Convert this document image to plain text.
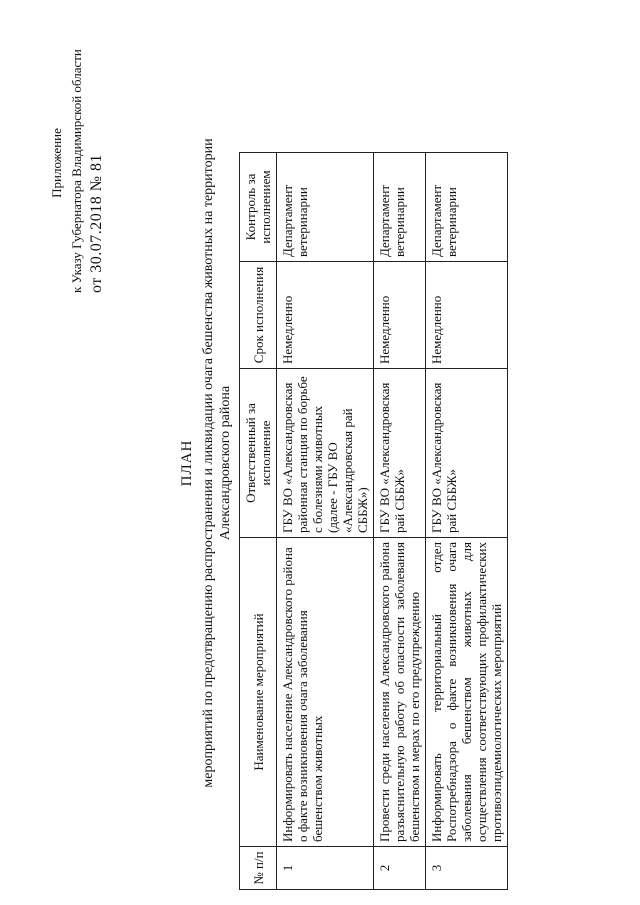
Приложение к Указу Губернатора Владимирской области от 30.07.2018 № 81
ПЛАН мероприятий по предотвращению распространения и ликвидации очага бешенства животных на территории Александровского района
№ п/п	Наименование мероприятий	Ответственный за исполнение	Срок исполнения	Контроль за исполнением
1	Информировать население Александровского района о факте возникновения очага заболевания бешенством животных	ГБУ ВО «Александровская районная станция по борьбе с болезнями животных (далее - ГБУ ВО «Александровская рай СББЖ»)	Немедленно	Департамент ветеринарии
2	Провести среди населения Александровского района разъяснительную работу об опасности заболевания бешенством и мерах по его предупреждению	ГБУ ВО «Александровская рай СББЖ»	Немедленно	Департамент ветеринарии
3	Информировать территориальный отдел Роспотребнадзора о факте возникновения очага заболевания бешенством животных для осуществления соответствующих профилактических противоэпидемиологических мероприятий	ГБУ ВО «Александровская рай СББЖ»	Немедленно	Департамент ветеринарии
